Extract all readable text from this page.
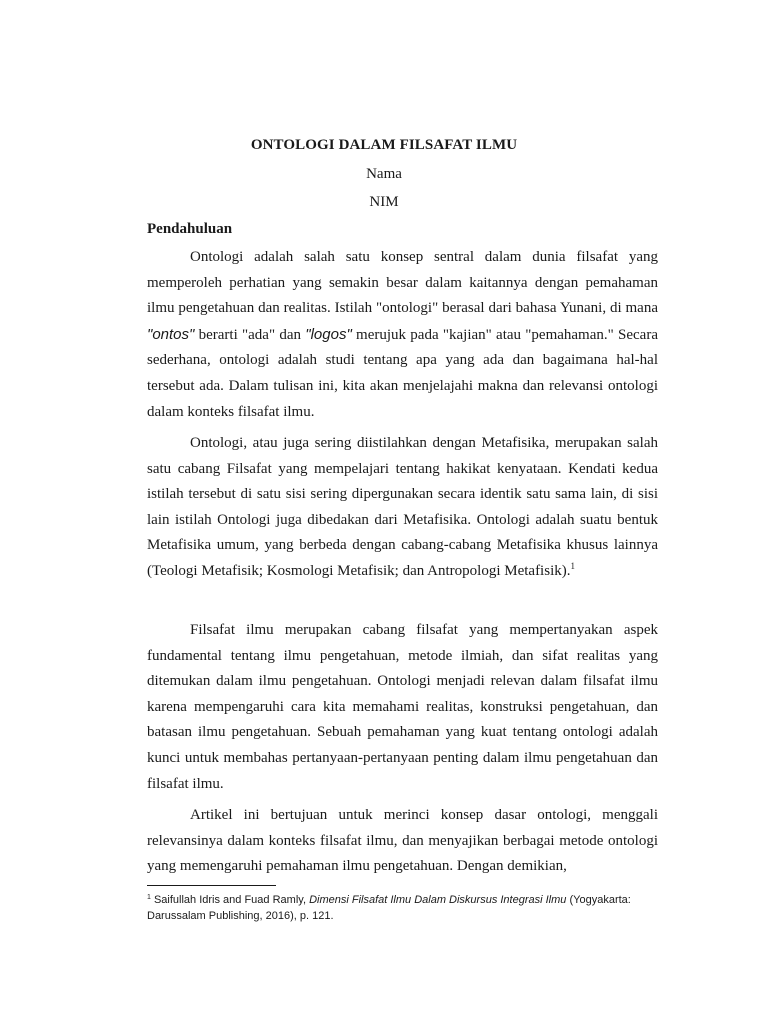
ONTOLOGI DALAM FILSAFAT ILMU
Nama
NIM
Pendahuluan

Ontologi adalah salah satu konsep sentral dalam dunia filsafat yang memperoleh perhatian yang semakin besar dalam kaitannya dengan pemahaman ilmu pengetahuan dan realitas. Istilah "ontologi" berasal dari bahasa Yunani, di mana "ontos" berarti "ada" dan "logos" merujuk pada "kajian" atau "pemahaman." Secara sederhana, ontologi adalah studi tentang apa yang ada dan bagaimana hal-hal tersebut ada. Dalam tulisan ini, kita akan menjelajahi makna dan relevansi ontologi dalam konteks filsafat ilmu.

Ontologi, atau juga sering diistilahkan dengan Metafisika, merupakan salah satu cabang Filsafat yang mempelajari tentang hakikat kenyataan. Kendati kedua istilah tersebut di satu sisi sering dipergunakan secara identik satu sama lain, di sisi lain istilah Ontologi juga dibedakan dari Metafisika. Ontologi adalah suatu bentuk Metafisika umum, yang berbeda dengan cabang-cabang Metafisika khusus lainnya (Teologi Metafisik; Kosmologi Metafisik; dan Antropologi Metafisik).$^1$

Filsafat ilmu merupakan cabang filsafat yang mempertanyakan aspek fundamental tentang ilmu pengetahuan, metode ilmiah, dan sifat realitas yang ditemukan dalam ilmu pengetahuan. Ontologi menjadi relevan dalam filsafat ilmu karena mempengaruhi cara kita memahami realitas, konstruksi pengetahuan, dan batasan ilmu pengetahuan. Sebuah pemahaman yang kuat tentang ontologi adalah kunci untuk membahas pertanyaan-pertanyaan penting dalam ilmu pengetahuan dan filsafat ilmu.

Artikel ini bertujuan untuk merinci konsep dasar ontologi, menggali relevansinya dalam konteks filsafat ilmu, dan menyajikan berbagai metode ontologi yang memengaruhi pemahaman ilmu pengetahuan. Dengan demikian,

$^1$ Saifullah Idris and Fuad Ramly, Dimensi Filsafat Ilmu Dalam Diskursus Integrasi Ilmu (Yogyakarta: Darussalam Publishing, 2016), p. 121.
